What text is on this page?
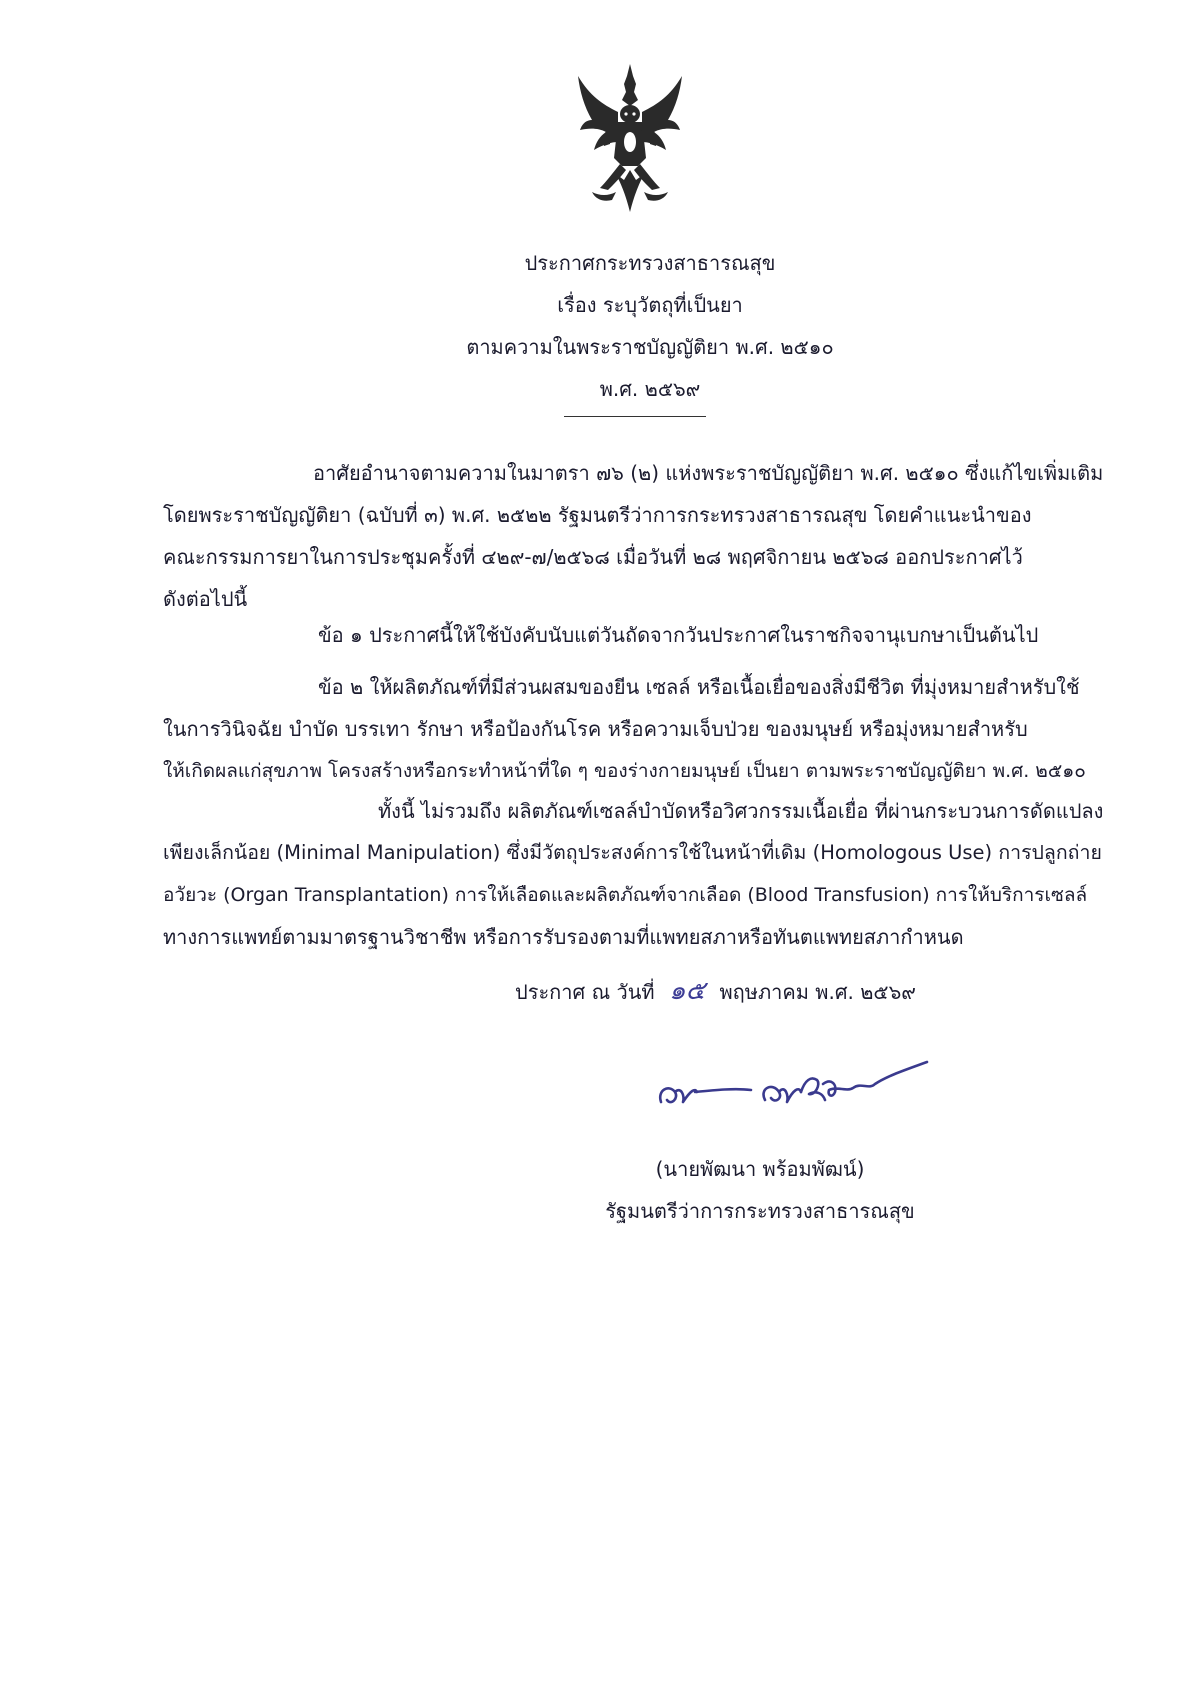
ประกาศกระทรวงสาธารณสุข
เรื่อง ระบุวัตถุที่เป็นยา
ตามความในพระราชบัญญัติยา พ.ศ. ๒๕๑๐
พ.ศ. ๒๕๖๙
อาศัยอำนาจตามความในมาตรา ๗๖ (๒) แห่งพระราชบัญญัติยา พ.ศ. ๒๕๑๐ ซึ่งแก้ไขเพิ่มเติม
โดยพระราชบัญญัติยา (ฉบับที่ ๓) พ.ศ. ๒๕๒๒ รัฐมนตรีว่าการกระทรวงสาธารณสุข โดยคำแนะนำของ
คณะกรรมการยาในการประชุมครั้งที่ ๔๒๙-๗/๒๕๖๘ เมื่อวันที่ ๒๘ พฤศจิกายน ๒๕๖๘ ออกประกาศไว้
ดังต่อไปนี้
ข้อ ๑ ประกาศนี้ให้ใช้บังคับนับแต่วันถัดจากวันประกาศในราชกิจจานุเบกษาเป็นต้นไป
ข้อ ๒ ให้ผลิตภัณฑ์ที่มีส่วนผสมของยีน เซลล์ หรือเนื้อเยื่อของสิ่งมีชีวิต ที่มุ่งหมายสำหรับใช้
ในการวินิจฉัย บำบัด บรรเทา รักษา หรือป้องกันโรค หรือความเจ็บป่วย ของมนุษย์ หรือมุ่งหมายสำหรับ
ให้เกิดผลแก่สุขภาพ โครงสร้างหรือกระทำหน้าที่ใด ๆ ของร่างกายมนุษย์ เป็นยา ตามพระราชบัญญัติยา พ.ศ. ๒๕๑๐
ทั้งนี้ ไม่รวมถึง ผลิตภัณฑ์เซลล์บำบัดหรือวิศวกรรมเนื้อเยื่อ ที่ผ่านกระบวนการดัดแปลง
เพียงเล็กน้อย (Minimal Manipulation) ซึ่งมีวัตถุประสงค์การใช้ในหน้าที่เดิม (Homologous Use) การปลูกถ่าย
อวัยวะ (Organ Transplantation) การให้เลือดและผลิตภัณฑ์จากเลือด (Blood Transfusion) การให้บริการเซลล์
ทางการแพทย์ตามมาตรฐานวิชาชีพ หรือการรับรองตามที่แพทยสภาหรือทันตแพทยสภากำหนด
ประกาศ ณ วันที่ ๑๕ พฤษภาคม พ.ศ. ๒๕๖๙
(นายพัฒนา พร้อมพัฒน์)
รัฐมนตรีว่าการกระทรวงสาธารณสุข
